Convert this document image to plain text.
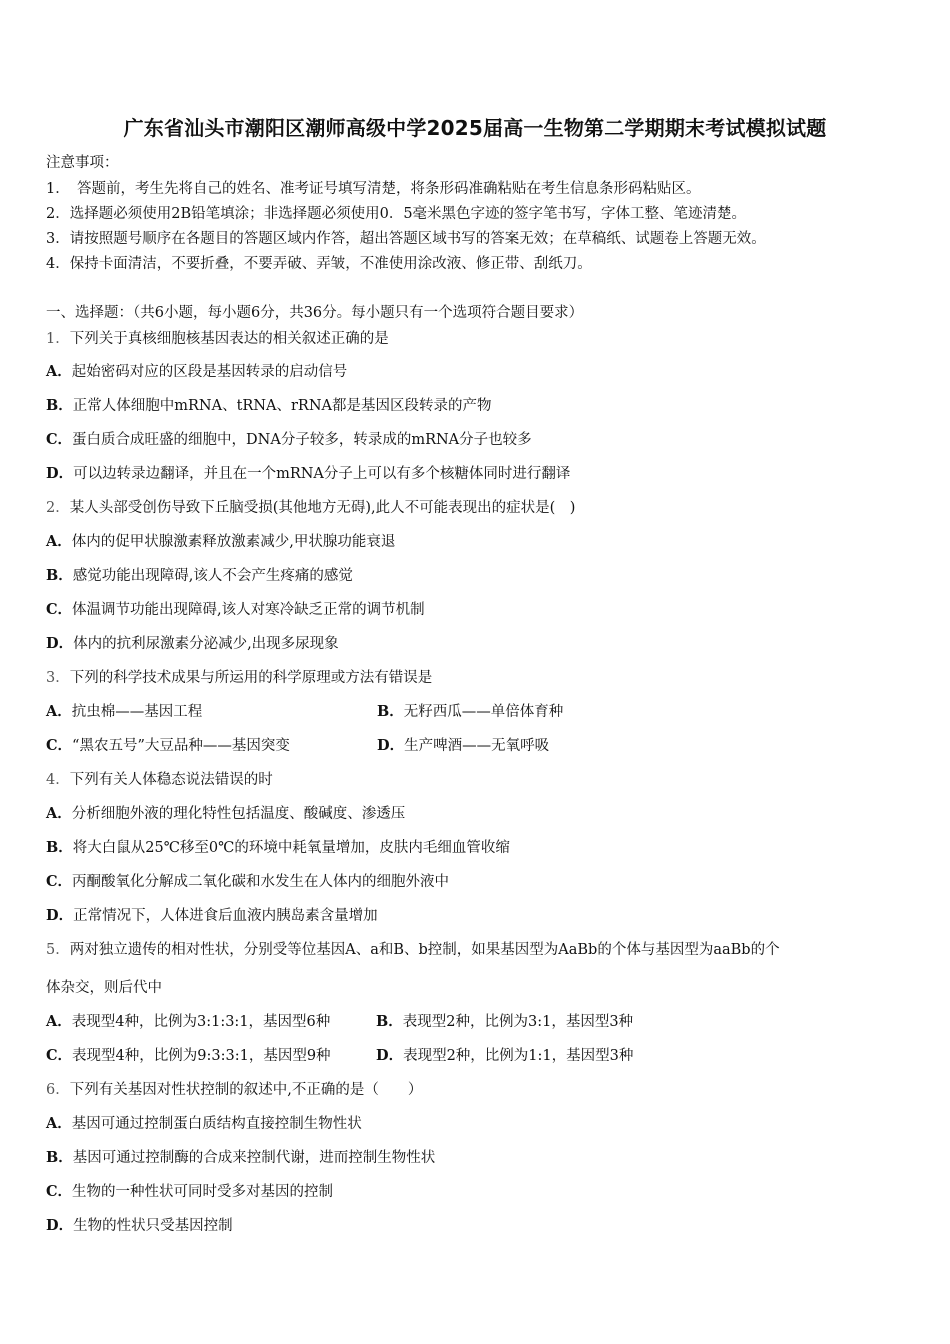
广东省汕头市潮阳区潮师高级中学2025届高一生物第二学期期末考试模拟试题
注意事项：
1．　答题前，考生先将自己的姓名、准考证号填写清楚，将条形码准确粘贴在考生信息条形码粘贴区。
2．选择题必须使用2B铅笔填涂；非选择题必须使用0．5毫米黑色字迹的签字笔书写，字体工整、笔迹清楚。
3．请按照题号顺序在各题目的答题区域内作答，超出答题区域书写的答案无效；在草稿纸、试题卷上答题无效。
4．保持卡面清洁，不要折叠，不要弄破、弄皱，不准使用涂改液、修正带、刮纸刀。
一、选择题：（共6小题，每小题6分，共36分。每小题只有一个选项符合题目要求）
1．下列关于真核细胞核基因表达的相关叙述正确的是
A．起始密码对应的区段是基因转录的启动信号
B．正常人体细胞中mRNA、tRNA、rRNA都是基因区段转录的产物
C．蛋白质合成旺盛的细胞中，DNA分子较多，转录成的mRNA分子也较多
D．可以边转录边翻译，并且在一个mRNA分子上可以有多个核糖体同时进行翻译
2．某人头部受创伤导致下丘脑受损(其他地方无碍),此人不可能表现出的症状是(　)
A．体内的促甲状腺激素释放激素减少,甲状腺功能衰退
B．感觉功能出现障碍,该人不会产生疼痛的感觉
C．体温调节功能出现障碍,该人对寒冷缺乏正常的调节机制
D．体内的抗利尿激素分泌减少,出现多尿现象
3．下列的科学技术成果与所运用的科学原理或方法有错误是
A．抗虫棉——基因工程	B．无籽西瓜——单倍体育种
C．“黑农五号”大豆品种——基因突变	D．生产啤酒——无氧呼吸
4．下列有关人体稳态说法错误的时
A．分析细胞外液的理化特性包括温度、酸碱度、渗透压
B．将大白鼠从25℃移至0℃的环境中耗氧量增加，皮肤内毛细血管收缩
C．丙酮酸氧化分解成二氧化碳和水发生在人体内的细胞外液中
D．正常情况下，人体进食后血液内胰岛素含量增加
5．两对独立遗传的相对性状，分别受等位基因A、a和B、b控制，如果基因型为AaBb的个体与基因型为aaBb的个
体杂交，则后代中
A．表现型4种，比例为3:1:3:1，基因型6种	B．表现型2种，比例为3:1，基因型3种
C．表现型4种，比例为9:3:3:1，基因型9种	D．表现型2种，比例为1:1，基因型3种
6．下列有关基因对性状控制的叙述中,不正确的是（　　）
A．基因可通过控制蛋白质结构直接控制生物性状
B．基因可通过控制酶的合成来控制代谢，进而控制生物性状
C．生物的一种性状可同时受多对基因的控制
D．生物的性状只受基因控制
